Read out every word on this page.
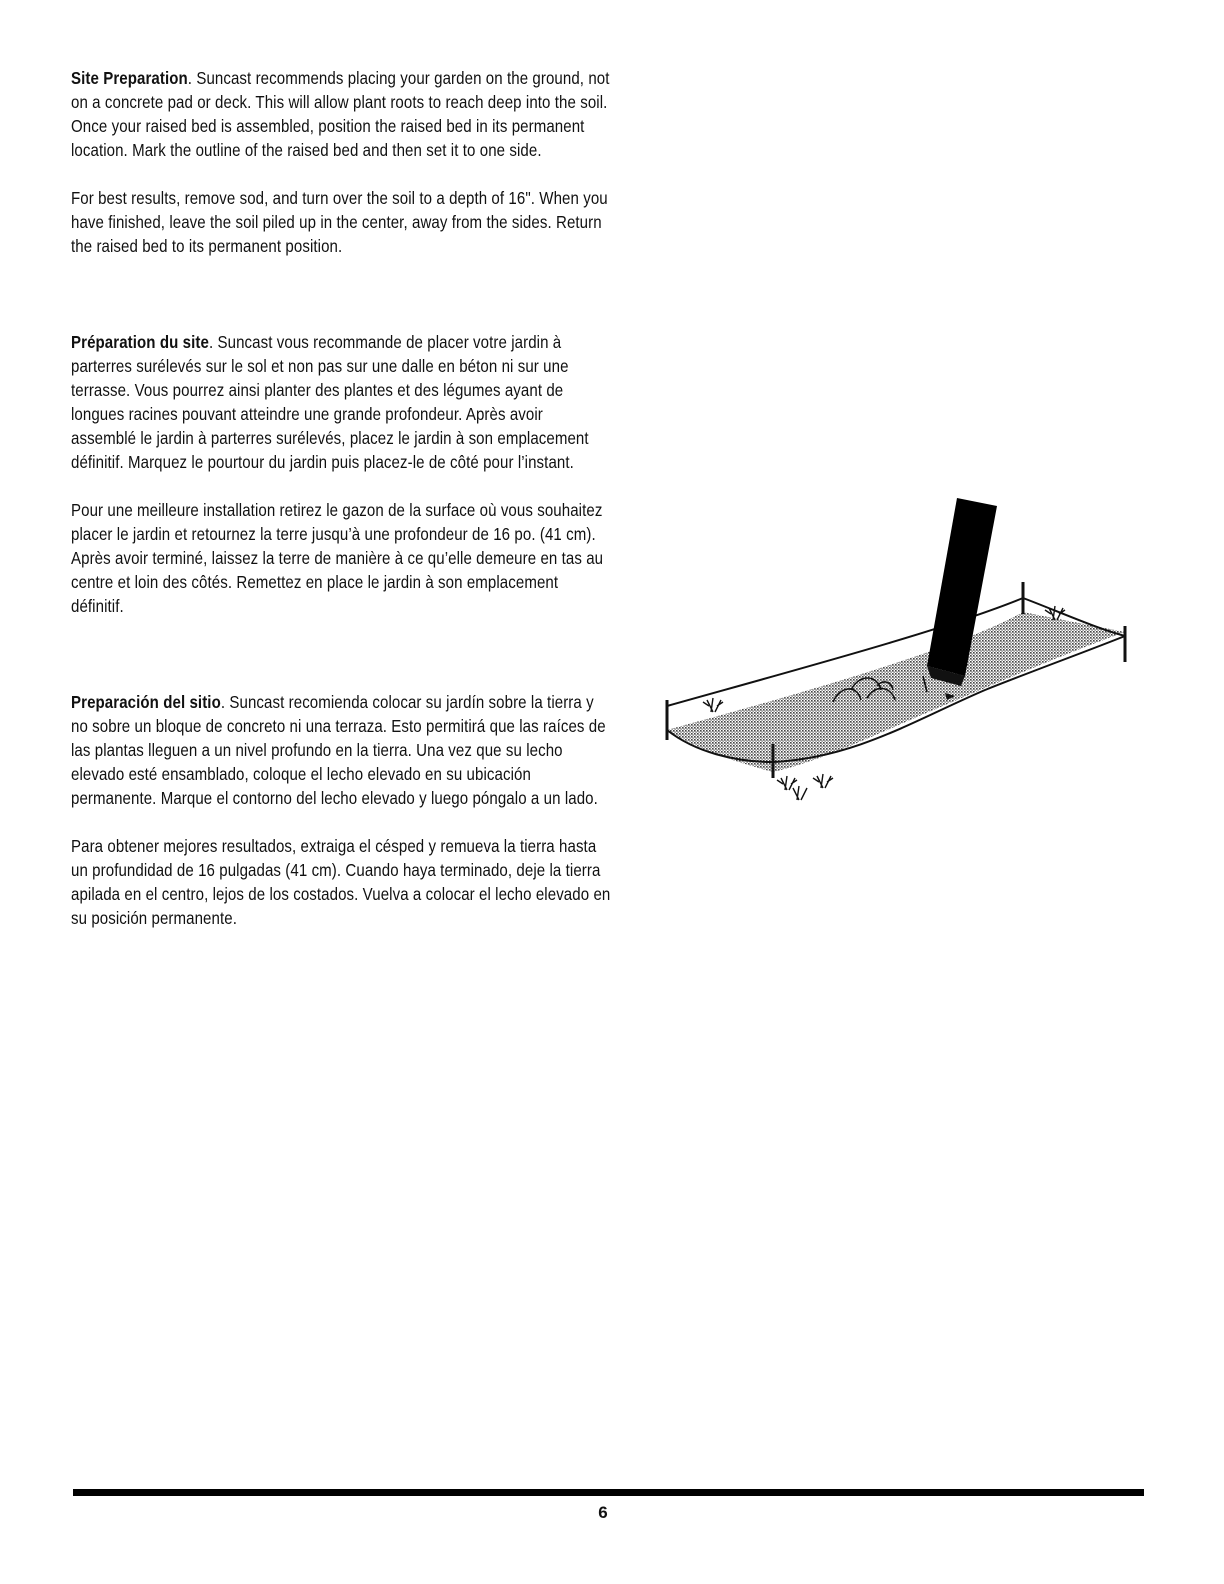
Site Preparation. Suncast recommends placing your garden on the ground, not on a concrete pad or deck. This will allow plant roots to reach deep into the soil. Once your raised bed is assembled, position the raised bed in its permanent location. Mark the outline of the raised bed and then set it to one side.

For best results, remove sod, and turn over the soil to a depth of 16". When you have finished, leave the soil piled up in the center, away from the sides. Return the raised bed to its permanent position.

Préparation du site. Suncast vous recommande de placer votre jardin à parterres surélevés sur le sol et non pas sur une dalle en béton ni sur une terrasse. Vous pourrez ainsi planter des plantes et des légumes ayant de longues racines pouvant atteindre une grande profondeur. Après avoir assemblé le jardin à parterres surélevés, placez le jardin à son emplacement définitif. Marquez le pourtour du jardin puis placez-le de côté pour l’instant.

Pour une meilleure installation retirez le gazon de la surface où vous souhaitez placer le jardin et retournez la terre jusqu’à une profondeur de 16 po. (41 cm). Après avoir terminé, laissez la terre de manière à ce qu’elle demeure en tas au centre et loin des côtés. Remettez en place le jardin à son emplacement définitif.

Preparación del sitio. Suncast recomienda colocar su jardín sobre la tierra y no sobre un bloque de concreto ni una terraza. Esto permitirá que las raíces de las plantas lleguen a un nivel profundo en la tierra. Una vez que su lecho elevado esté ensamblado, coloque el lecho elevado en su ubicación permanente. Marque el contorno del lecho elevado y luego póngalo a un lado.

Para obtener mejores resultados, extraiga el césped y remueva la tierra hasta un profundidad de 16 pulgadas (41 cm). Cuando haya terminado, deje la tierra apilada en el centro, lejos de los costados. Vuelva a colocar el lecho elevado en su posición permanente.

6
